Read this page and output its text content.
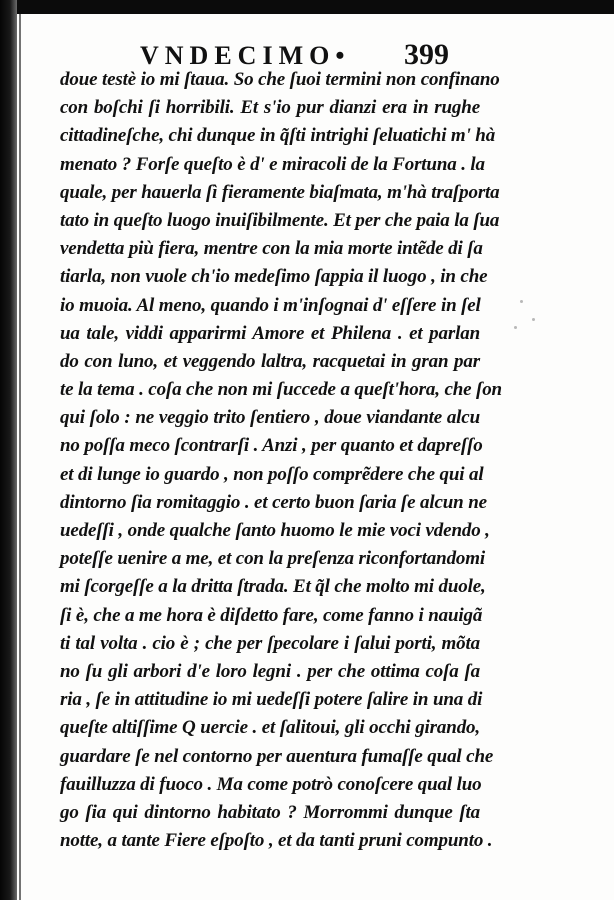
VNDECIMO• 399
doue testè io mi ſtaua. So che ſuoi termini non confinano
con boſchi ſi horribili. Et s'io pur dianzi era in rughe
cittadineſche, chi dunque in q̃ſti intrighi ſeluatichi m' hà
menato ? Forſe queſto è d' e miracoli de la Fortuna . la
quale, per hauerla ſì fieramente biaſmata, m'hà traſporta
tato in queſto luogo inuiſibilmente. Et per che paia la ſua
vendetta più fiera, mentre con la mia morte intẽde di ſa
tiarla, non vuole ch'io medeſimo ſappia il luogo , in che
io muoia. Al meno, quando i m'inſognai d' eſſere in ſel
ua tale, viddi apparirmi Amore et Philena . et parlan
do con luno, et veggendo laltra, racquetai in gran par
te la tema . coſa che non mi ſuccede a queſt'hora, che ſon
qui ſolo : ne veggio trito ſentiero , doue viandante alcu
no poſſa meco ſcontrarſi . Anzi , per quanto et dapreſſo
et di lunge io guardo , non poſſo comprẽdere che qui al
dintorno ſia romitaggio . et certo buon ſaria ſe alcun ne
uedeſſi , onde qualche ſanto huomo le mie voci vdendo ,
poteſſe uenire a me, et con la preſenza riconfortandomi
mi ſcorgeſſe a la dritta ſtrada. Et q̃l che molto mi duole,
ſi è, che a me hora è diſdetto fare, come fanno i nauigã
ti tal volta . cio è ; che per ſpecolare i ſalui porti, mõta
no ſu gli arbori d'e loro legni . per che ottima coſa ſa
ria , ſe in attitudine io mi uedeſſi potere ſalire in una di
queſte altiſſime Q uercie . et ſalitoui, gli occhi girando,
guardare ſe nel contorno per auentura fumaſſe qual che
fauilluzza di fuoco . Ma come potrò conoſcere qual luo
go ſia qui dintorno habitato ? Morrommi dunque ſta
notte, a tante Fiere eſpoſto , et da tanti pruni compunto .
